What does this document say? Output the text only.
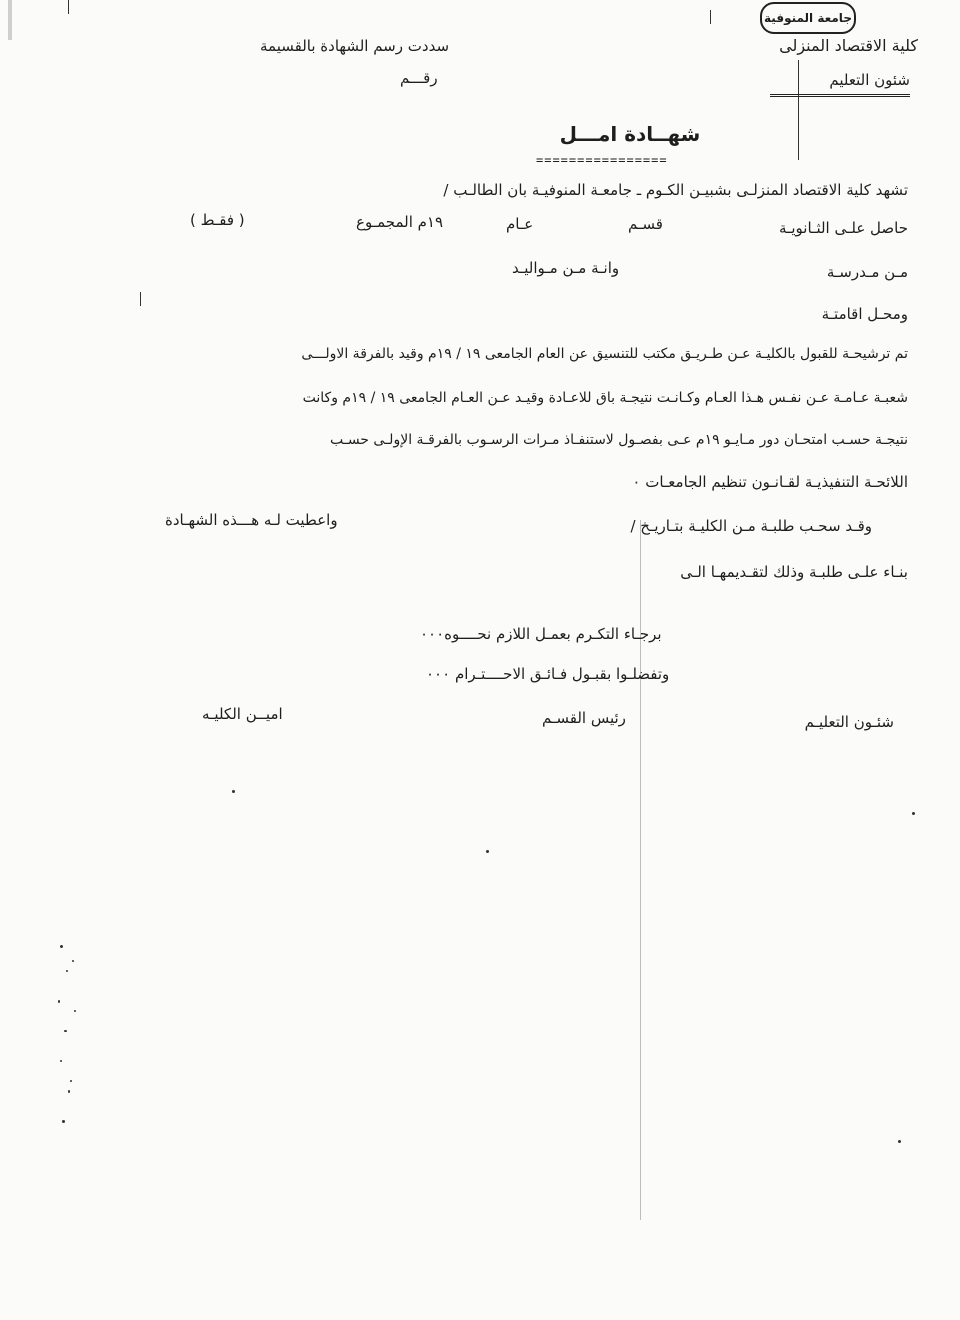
جامعة المنوفية
كلية الاقتصاد المنزلى
شئون التعليم
سددت رسم الشهادة بالقسيمة
رقـــم
شهــادة امـــل
================
تشهد كلية الاقتصاد المنزلـى بشبيـن الكـوم ـ جامعـة المنوفيـة بان الطالـب /
حاصل علـى الثـانويـة
قسـم
عـام
١٩م المجمـوع
( فقـط )
مـن مـدرسـة
وانـة مـن مـواليـد
ومحـل اقامتـة
تم ترشيحـة للقبول بالكليـة عـن طـريـق مكتب للتنسيق عن العام الجامعى ١٩ / ١٩م وقيد بالفرقة الاولـــى
شعبـة عـامـة عـن نفـس هـذا العـام وكـانـت نتيجـة باق للاعـادة وقيـد عـن العـام الجامعى ١٩ / ١٩م وكانت
نتيجـة حسـب امتحـان دور مـايـو ١٩م عـى بفصـول لاستنفـاذ مـرات الرسـوب بالفرقـة الإولـى حسـب
اللائحـة التنفيذيـة لقـانـون تنظيم الجامعـات ٠
وقـد سحـب طلبـة مـن الكليـة بتـاريـخ /
واعطيت لـه هـــذه الشهـادة
بنـاء علـى طلبـة وذلك لتقـديمهـا الـى
برجـاء التكـرم بعمـل اللازم نحــــوه٠٠٠
وتفضلـوا بقبـول فـائـق الاحــــتـرام ٠٠٠
شئـون التعليـم
رئيس القسـم
اميــن الكليـه
